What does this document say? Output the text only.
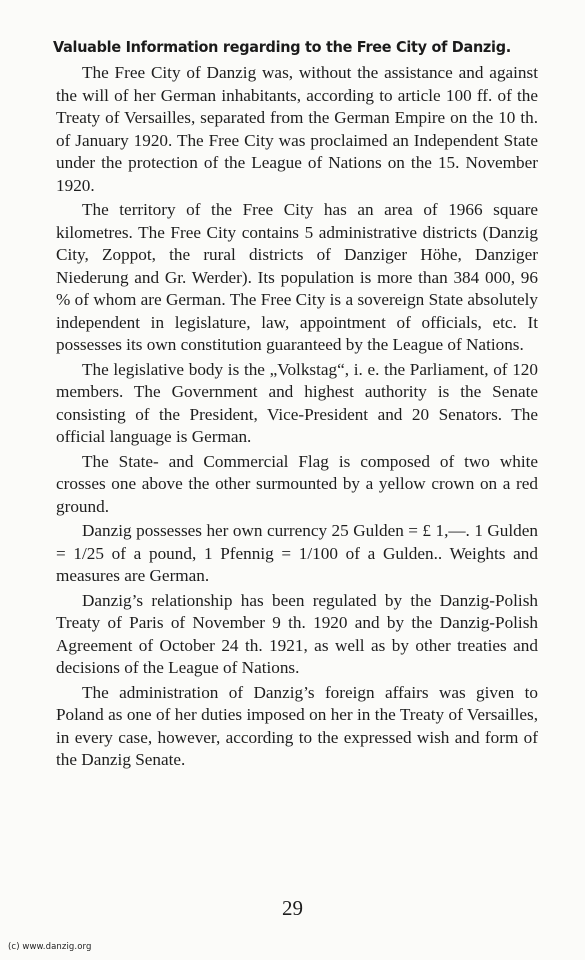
Valuable Information regarding to the Free City of Danzig.

The Free City of Danzig was, without the assistance and against the will of her German inhabitants, according to article 100 ff. of the Treaty of Versailles, separated from the German Empire on the 10 th. of January 1920. The Free City was proclaimed an Independent State under the protection of the League of Nations on the 15. November 1920.

The territory of the Free City has an area of 1966 square kilometres. The Free City contains 5 administrative districts (Danzig City, Zoppot, the rural districts of Danziger Höhe, Danziger Niederung and Gr. Werder). Its population is more than 384 000, 96 % of whom are German. The Free City is a sovereign State absolutely independent in legislature, law, appointment of officials, etc. It possesses its own constitution guaranteed by the League of Nations.

The legislative body is the „Volkstag“, i. e. the Parliament, of 120 members. The Government and highest authority is the Senate consisting of the President, Vice-President and 20 Senators. The official language is German.

The State- and Commercial Flag is composed of two white crosses one above the other surmounted by a yellow crown on a red ground.

Danzig possesses her own currency 25 Gulden = £ 1,—. 1 Gulden = 1/25 of a pound, 1 Pfennig = 1/100 of a Gulden.. Weights and measures are German.

Danzig’s relationship has been regulated by the Danzig-Polish Treaty of Paris of November 9 th. 1920 and by the Danzig-Polish Agreement of October 24 th. 1921, as well as by other treaties and decisions of the League of Nations.

The administration of Danzig’s foreign affairs was given to Poland as one of her duties imposed on her in the Treaty of Versailles, in every case, however, according to the expressed wish and form of the Danzig Senate.

29
(c) www.danzig.org
